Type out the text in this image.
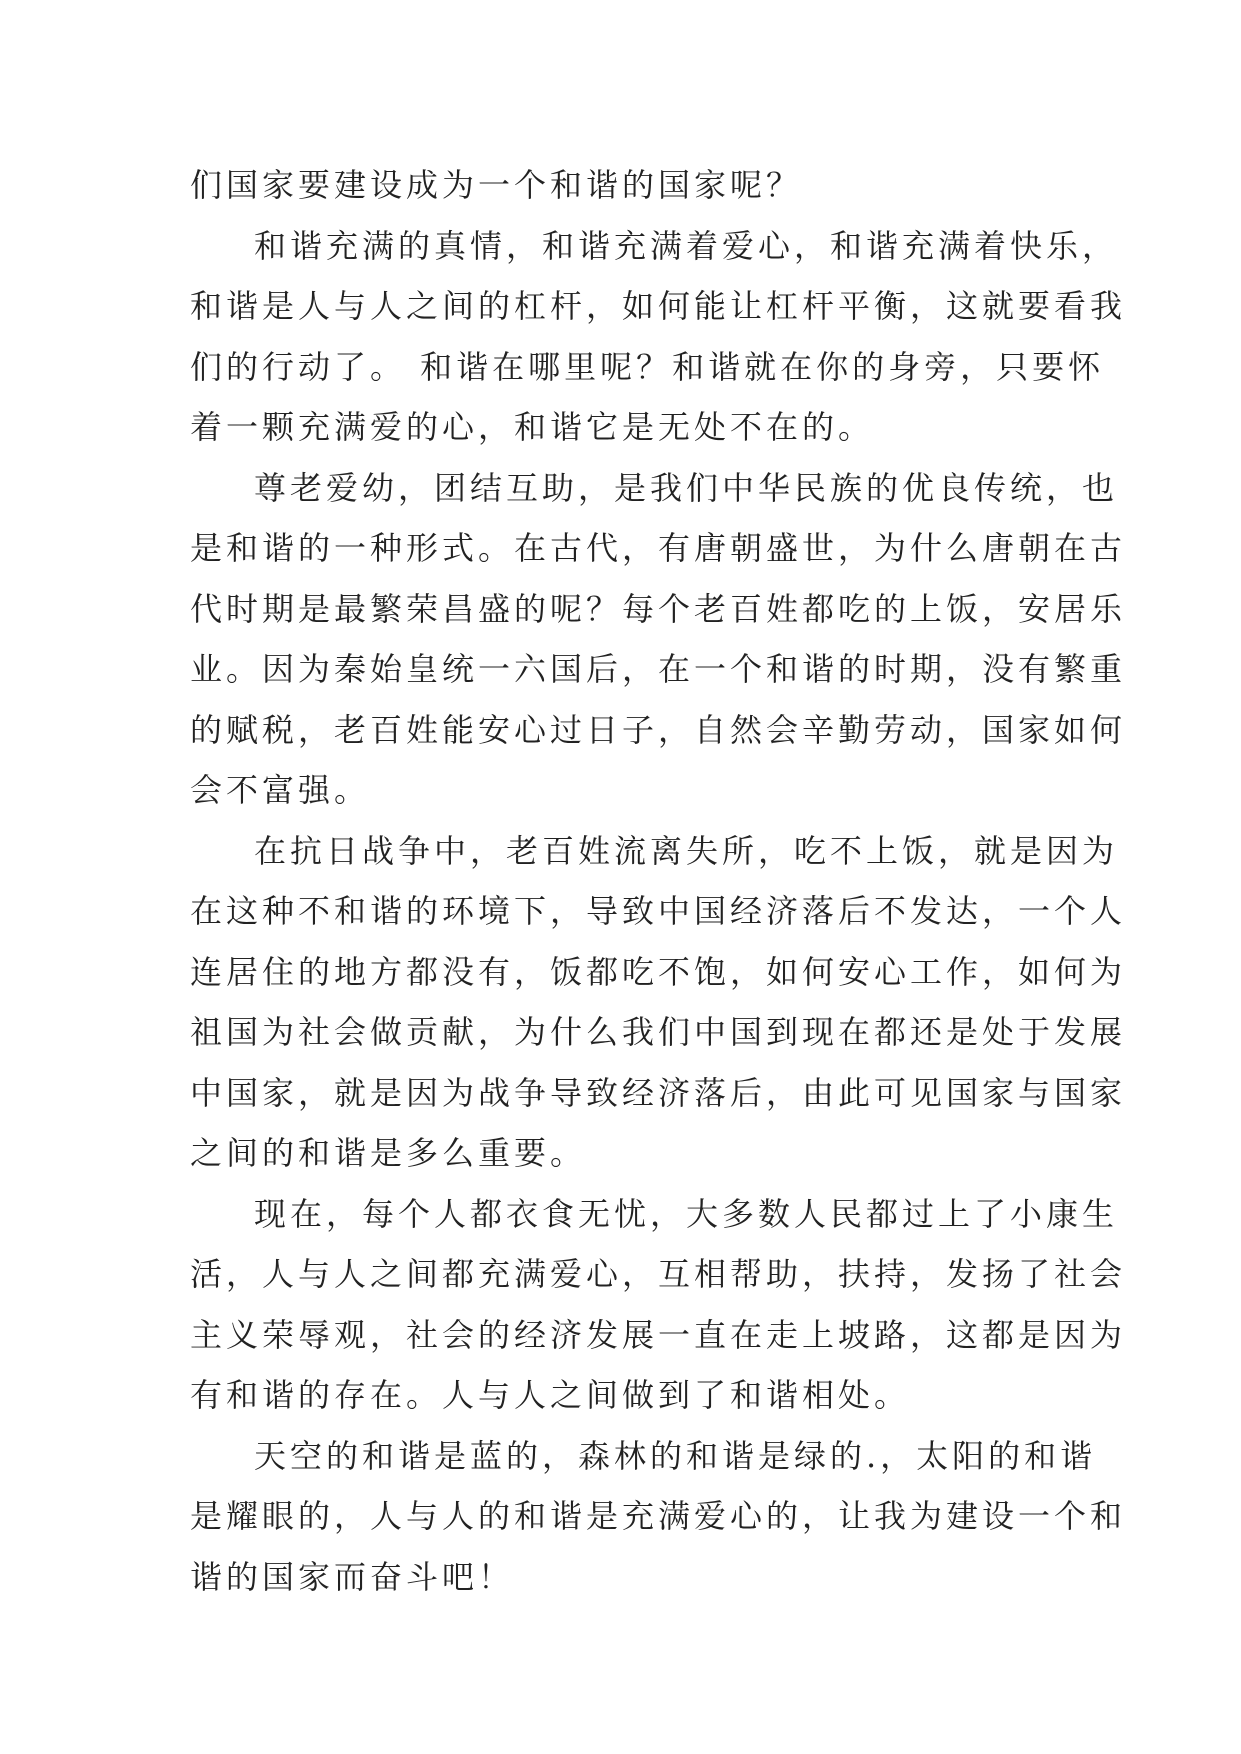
们国家要建设成为一个和谐的国家呢？
和谐充满的真情，和谐充满着爱心，和谐充满着快乐，
和谐是人与人之间的杠杆，如何能让杠杆平衡，这就要看我
们的行动了。 和谐在哪里呢？和谐就在你的身旁，只要怀
着一颗充满爱的心，和谐它是无处不在的。
尊老爱幼，团结互助，是我们中华民族的优良传统，也
是和谐的一种形式。在古代，有唐朝盛世，为什么唐朝在古
代时期是最繁荣昌盛的呢？每个老百姓都吃的上饭，安居乐
业。因为秦始皇统一六国后，在一个和谐的时期，没有繁重
的赋税，老百姓能安心过日子，自然会辛勤劳动，国家如何
会不富强。
在抗日战争中，老百姓流离失所，吃不上饭，就是因为
在这种不和谐的环境下，导致中国经济落后不发达，一个人
连居住的地方都没有，饭都吃不饱，如何安心工作，如何为
祖国为社会做贡献，为什么我们中国到现在都还是处于发展
中国家，就是因为战争导致经济落后，由此可见国家与国家
之间的和谐是多么重要。
现在，每个人都衣食无忧，大多数人民都过上了小康生
活，人与人之间都充满爱心，互相帮助，扶持，发扬了社会
主义荣辱观，社会的经济发展一直在走上坡路，这都是因为
有和谐的存在。人与人之间做到了和谐相处。
天空的和谐是蓝的，森林的和谐是绿的.，太阳的和谐
是耀眼的，人与人的和谐是充满爱心的，让我为建设一个和
谐的国家而奋斗吧！
